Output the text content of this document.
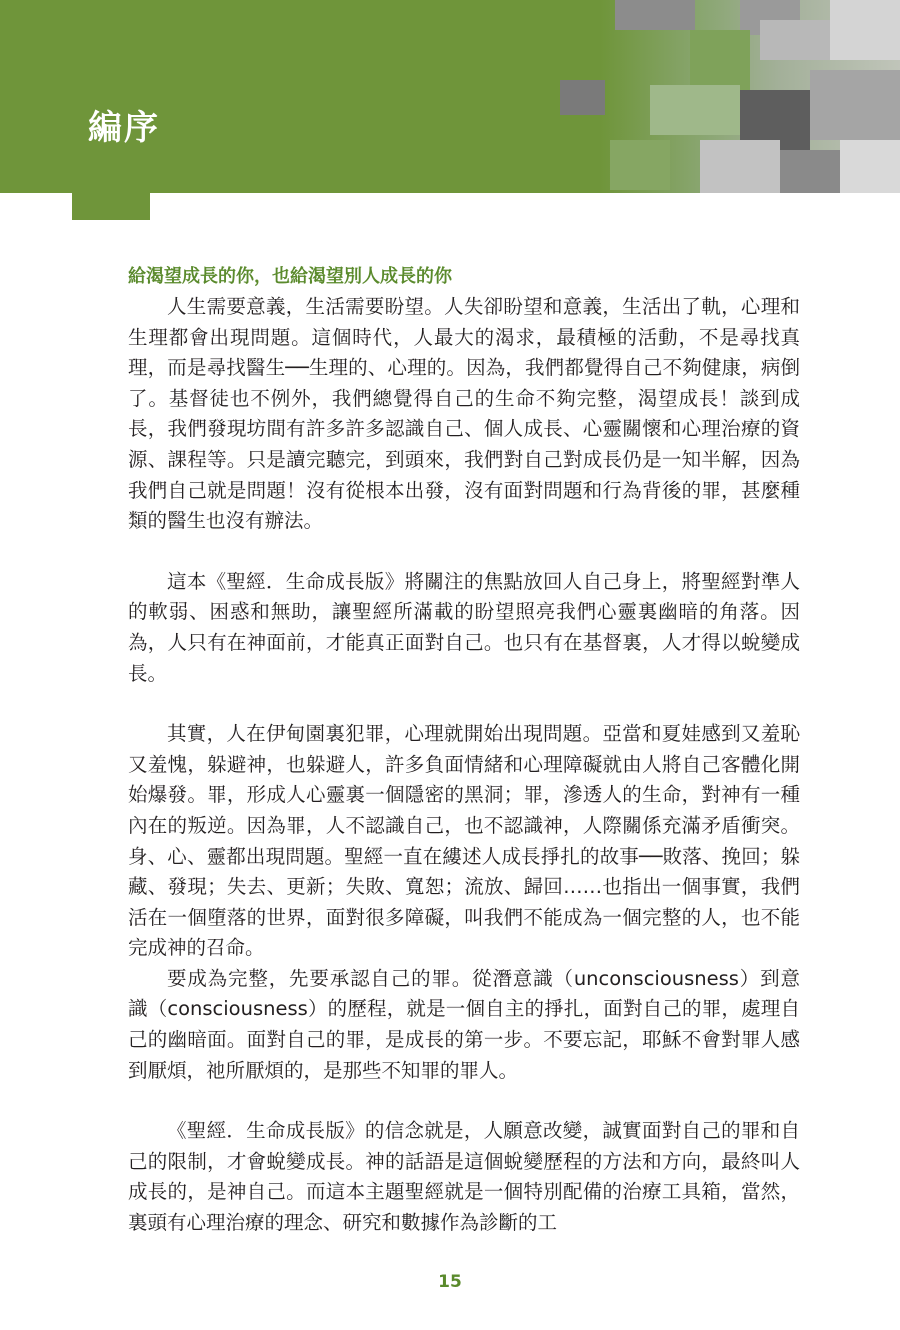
編序

給渴望成長的你，也給渴望別人成長的你

人生需要意義，生活需要盼望。人失卻盼望和意義，生活出了軌，心理和生理都會出現問題。這個時代，人最大的渴求，最積極的活動，不是尋找真理，而是尋找醫生──生理的、心理的。因為，我們都覺得自己不夠健康，病倒了。基督徒也不例外，我們總覺得自己的生命不夠完整，渴望成長！談到成長，我們發現坊間有許多許多認識自己、個人成長、心靈關懷和心理治療的資源、課程等。只是讀完聽完，到頭來，我們對自己對成長仍是一知半解，因為我們自己就是問題！沒有從根本出發，沒有面對問題和行為背後的罪，甚麼種類的醫生也沒有辦法。

這本《聖經．生命成長版》將關注的焦點放回人自己身上，將聖經對準人的軟弱、困惑和無助，讓聖經所滿載的盼望照亮我們心靈裏幽暗的角落。因為，人只有在神面前，才能真正面對自己。也只有在基督裏，人才得以蛻變成長。

其實，人在伊甸園裏犯罪，心理就開始出現問題。亞當和夏娃感到又羞恥又羞愧，躲避神，也躲避人，許多負面情緒和心理障礙就由人將自己客體化開始爆發。罪，形成人心靈裏一個隱密的黑洞；罪，滲透人的生命，對神有一種內在的叛逆。因為罪，人不認識自己，也不認識神，人際關係充滿矛盾衝突。身、心、靈都出現問題。聖經一直在縷述人成長掙扎的故事──敗落、挽回；躲藏、發現；失去、更新；失敗、寬恕；流放、歸回……也指出一個事實，我們活在一個墮落的世界，面對很多障礙，叫我們不能成為一個完整的人，也不能完成神的召命。

要成為完整，先要承認自己的罪。從潛意識（unconsciousness）到意識（consciousness）的歷程，就是一個自主的掙扎，面對自己的罪，處理自己的幽暗面。面對自己的罪，是成長的第一步。不要忘記，耶穌不會對罪人感到厭煩，祂所厭煩的，是那些不知罪的罪人。

《聖經．生命成長版》的信念就是，人願意改變，誠實面對自己的罪和自己的限制，才會蛻變成長。神的話語是這個蛻變歷程的方法和方向，最終叫人成長的，是神自己。而這本主題聖經就是一個特別配備的治療工具箱，當然，裏頭有心理治療的理念、研究和數據作為診斷的工

15
